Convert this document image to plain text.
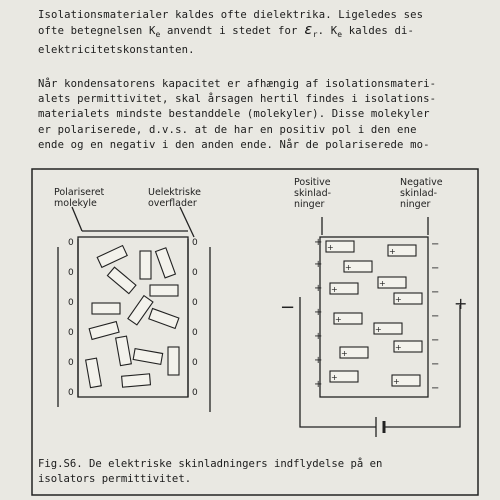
Isolationsmaterialer kaldes ofte dielektrika. Ligeledes ses
ofte betegnelsen $K_e$ anvendt i stedet for $\varepsilon_r$. $K_e$ kaldes di-
elektricitetskonstanten.
Når kondensatorens kapacitet er afhængig af isolationsmateri-
alets permittivitet, skal årsagen hertil findes i isolations-
materialets mindste bestanddele (molekyler). Disse molekyler
er polariserede, d.v.s. at de har en positiv pol i den ene
ende og en negativ i den anden ende. Når de polariserede mo-
0
0
0
0
0
0
0
0
0
0
0
0
Polariseret
molekyle
Uelektriske
overflader
+
+
+
+
+
+
+
−
−
−
−
−
−
−
−	+
+	+
+
+
+
+
+
+
+
+
+	+
Positive
skinlad-
ninger
Negative
skinlad-
ninger
Fig.S6. De elektriske skinladningers indflydelse på en
isolators permittivitet.
